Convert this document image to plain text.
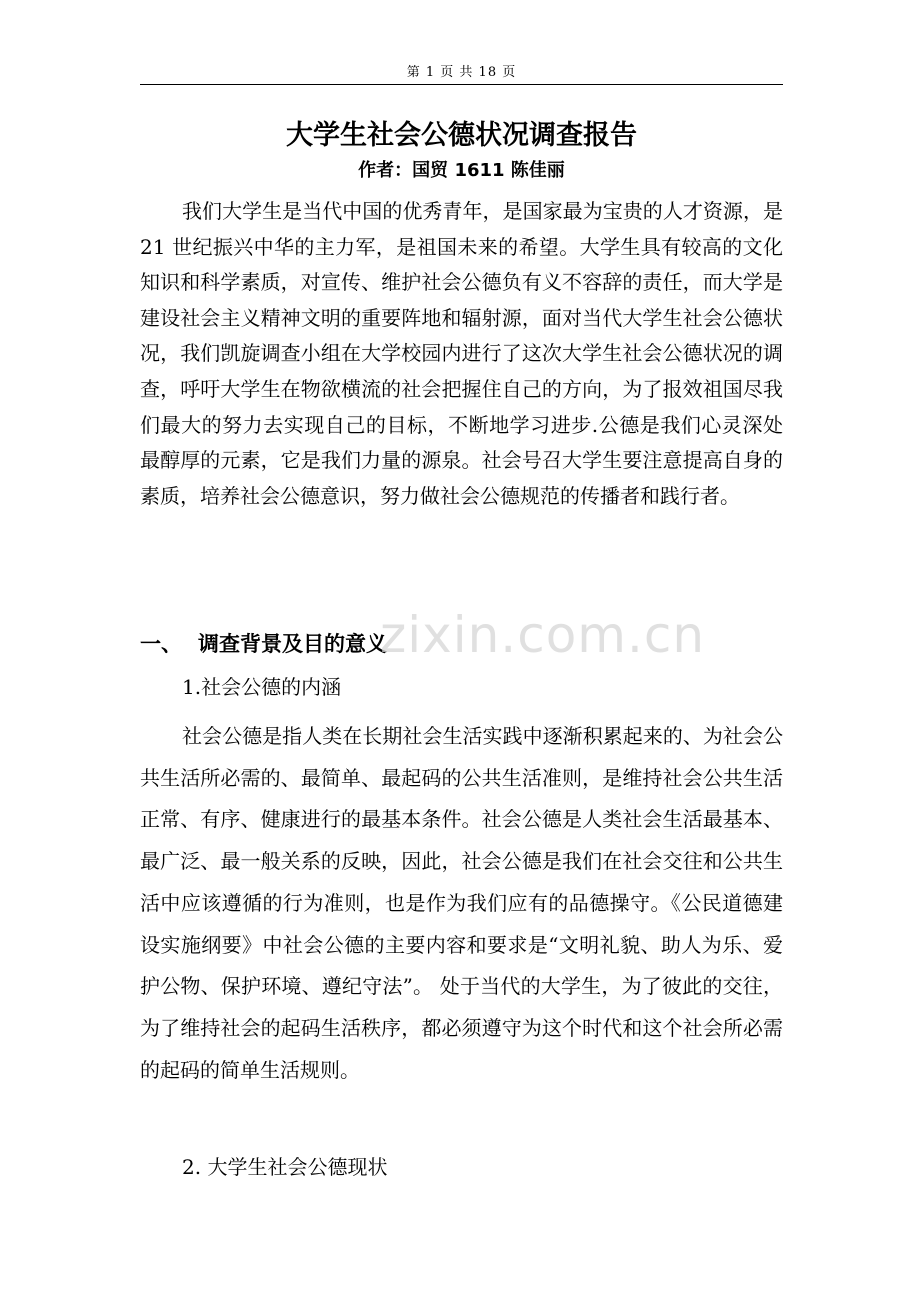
第 1 页 共 18 页
大学生社会公德状况调查报告
作者：国贸 1611 陈佳丽

我们大学生是当代中国的优秀青年，是国家最为宝贵的人才资源，是 21 世纪振兴中华的主力军，是祖国未来的希望。大学生具有较高的文化知识和科学素质，对宣传、维护社会公德负有义不容辞的责任，而大学是建设社会主义精神文明的重要阵地和辐射源，面对当代大学生社会公德状况，我们凯旋调查小组在大学校园内进行了这次大学生社会公德状况的调查，呼吁大学生在物欲横流的社会把握住自己的方向，为了报效祖国尽我们最大的努力去实现自己的目标，不断地学习进步.公德是我们心灵深处最醇厚的元素，它是我们力量的源泉。社会号召大学生要注意提高自身的素质，培养社会公德意识，努力做社会公德规范的传播者和践行者。

一、 调查背景及目的意义
1.社会公德的内涵

社会公德是指人类在长期社会生活实践中逐渐积累起来的、为社会公共生活所必需的、最简单、最起码的公共生活准则，是维持社会公共生活正常、有序、健康进行的最基本条件。社会公德是人类社会生活最基本、最广泛、最一般关系的反映，因此，社会公德是我们在社会交往和公共生活中应该遵循的行为准则，也是作为我们应有的品德操守。《公民道德建设实施纲要》中社会公德的主要内容和要求是“文明礼貌、助人为乐、爱护公物、保护环境、遵纪守法”。 处于当代的大学生，为了彼此的交往，为了维持社会的起码生活秩序，都必须遵守为这个时代和这个社会所必需的起码的简单生活规则。

2. 大学生社会公德现状
zixin.com.cn
